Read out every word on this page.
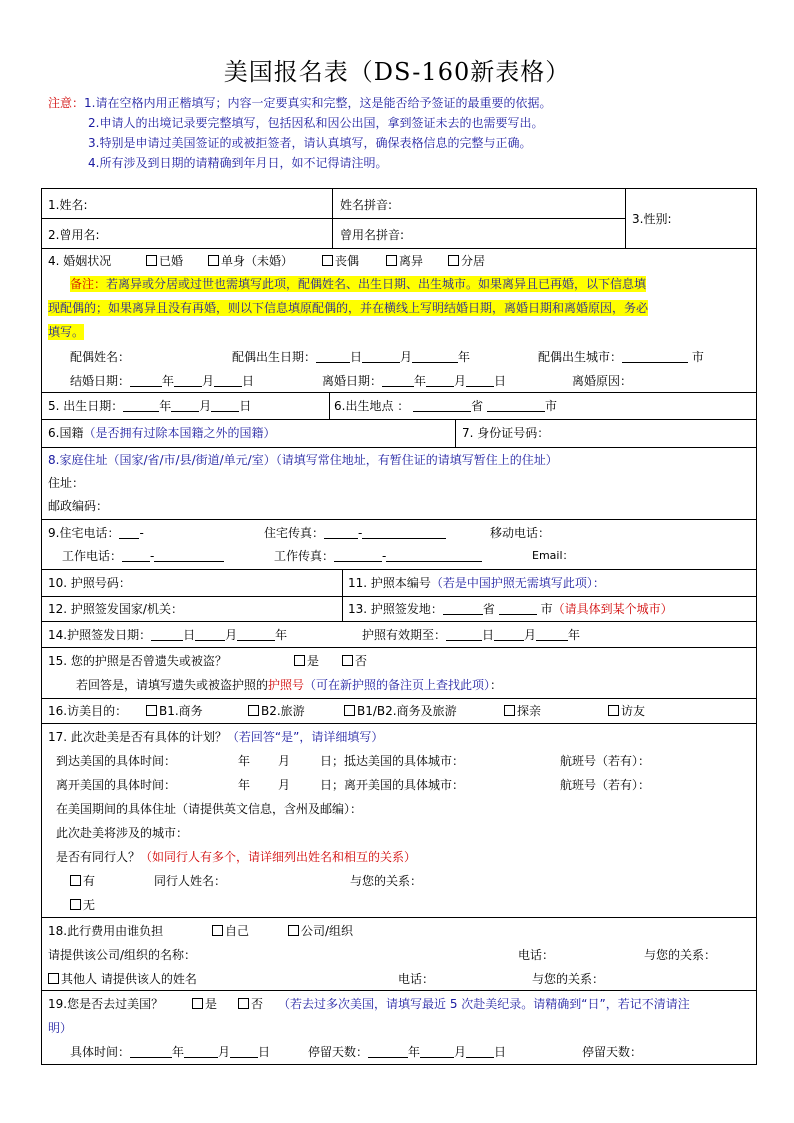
美国报名表（DS-160新表格）
注意：1.请在空格内用正楷填写；内容一定要真实和完整，这是能否给予签证的最重要的依据。
2.申请人的出境记录要完整填写，包括因私和因公出国，拿到签证未去的也需要写出。
3.特别是申请过美国签证的或被拒签者，请认真填写，确保表格信息的完整与正确。
4.所有涉及到日期的请精确到年月日，如不记得请注明。
1.姓名:	姓名拼音:
2.曾用名:	曾用名拼音:
3.性别:
4. 婚姻状况	已婚	单身（未婚）	丧偶	离异	分居
备注：若离异或分居或过世也需填写此项，配偶姓名、出生日期、出生城市。如果离异且已再婚，以下信息填
现配偶的；如果离异且没有再婚，则以下信息填原配偶的，并在横线上写明结婚日期，离婚日期和离婚原因，务必
填写。
配偶姓名：	配偶出生日期：	日	月	年	配偶出生城市：	市
结婚日期：	年 月 日	离婚日期：	年 月 日	离婚原因：
5. 出生日期：	年 月 日	6.出生地点 ：	省	市
6.国籍（是否拥有过除本国籍之外的国籍）	7. 身份证号码：
8.家庭住址（国家/省/市/县/街道/单元/室）（请填写常住地址，有暂住证的请填写暂住上的住址）
住址：
邮政编码：
9.住宅电话： -	住宅传真：	-	移动电话：
工作电话： -	工作传真：	-	Email：
10. 护照号码：	11. 护照本编号（若是中国护照无需填写此项）：
12. 护照签发国家/机关：	13. 护照签发地：	省	市（请具体到某个城市）
14.护照签发日期：	日	月	年	护照有效期至：	日	月	年
15. 您的护照是否曾遗失或被盗？	是	否
若回答是，请填写遗失或被盗护照的护照号（可在新护照的备注页上查找此项）：
16.访美目的：	B1.商务	B2.旅游	B1/B2.商务及旅游	探亲	访友
17. 此次赴美是否有具体的计划？（若回答“是”，请详细填写）
到达美国的具体时间：	年 月 日；抵达美国的具体城市：	航班号（若有）：
离开美国的具体时间：	年 月 日；离开美国的具体城市：	航班号（若有）：
在美国期间的具体住址（请提供英文信息，含州及邮编）：
此次赴美将涉及的城市：
是否有同行人？（如同行人有多个，请详细列出姓名和相互的关系）
有	同行人姓名：	与您的关系：
无
18.此行费用由谁负担	自己	公司/组织
请提供该公司/组织的名称：	电话：	与您的关系：
其他人 请提供该人的姓名	电话：	与您的关系：
19.您是否去过美国？	是	否 （若去过多次美国，请填写最近 5 次赴美纪录。请精确到“日”，若记不清请注
明）
具体时间：	年	月 日	停留天数：	年	月 日	停留天数：
